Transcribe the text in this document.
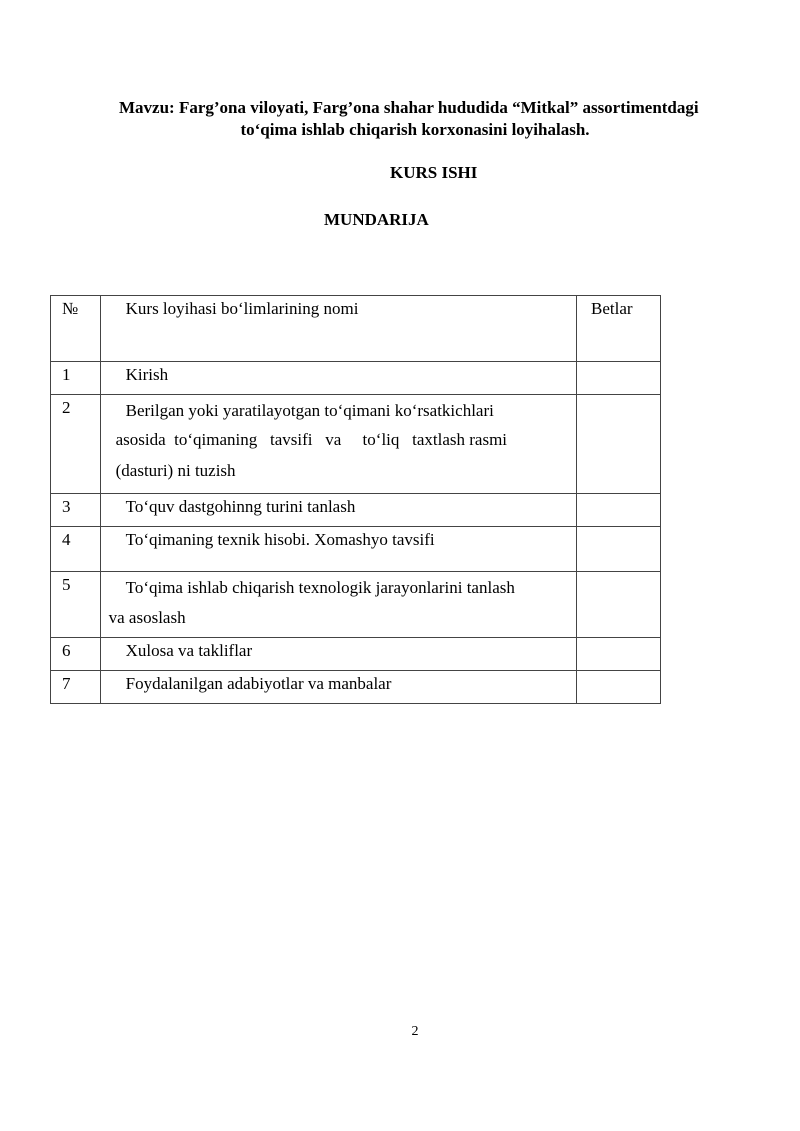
Mavzu: Farg’ona viloyati, Farg’ona shahar hududida “Mitkal” assortimentdagi
to‘qima ishlab chiqarish korxonasini loyihalash.
KURS ISHI
MUNDARIJA
№	Kurs loyihasi bo‘limlarining nomi	Betlar

1	Kirish	

2	Berilgan yoki yaratilayotgan to‘qimani ko‘rsatkichlari
asosida  to‘qimaning   tavsifi   va     to‘liq   taxtlash rasmi
(dasturi) ni tuzish	

3	To‘quv dastgohinng turini tanlash	

4	To‘qimaning texnik hisobi. Xomashyo tavsifi	

5	To‘qima ishlab chiqarish texnologik jarayonlarini tanlash
va asoslash	

6	Xulosa va takliflar	

7	Foydalanilgan adabiyotlar va manbalar	

2
